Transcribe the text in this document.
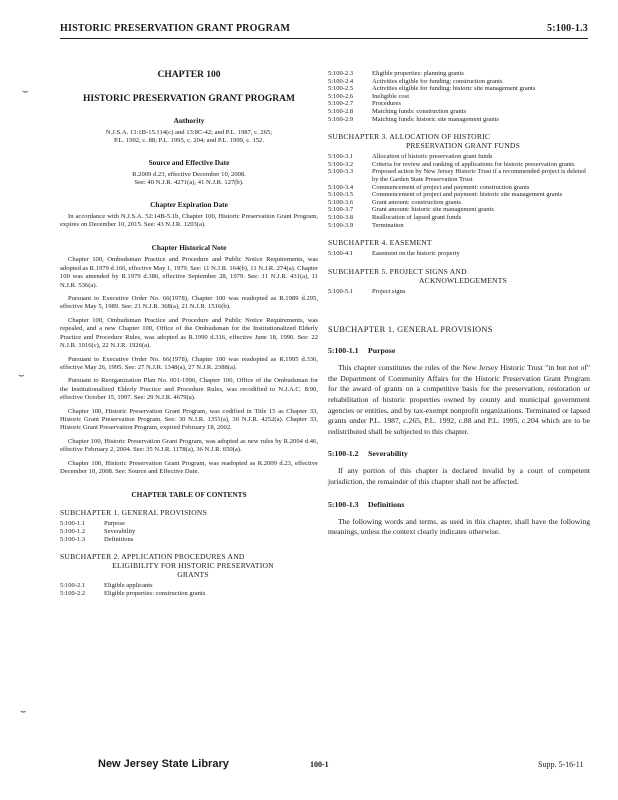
HISTORIC PRESERVATION GRANT PROGRAM	5:100-1.3
CHAPTER 100
HISTORIC PRESERVATION GRANT PROGRAM
Authority

N.J.S.A. 13:1B-15.114(c) and 13:8C-42; and P.L. 1987, c. 265;

P.L. 1992, c. 88; P.L. 1995, c. 204; and P.L. 1999, c. 152.

Source and Effective Date

R.2009 d.23, effective December 10, 2008.

See: 40 N.J.R. 4271(a), 41 N.J.R. 127(b).

Chapter Expiration Date

In accordance with N.J.S.A. 52:14B-5.1b, Chapter 100, Historic Preservation Grant Program, expires on December 10, 2015. See: 43 N.J.R. 1203(a).

Chapter Historical Note

Chapter 100, Ombudsman Practice and Procedure and Public Notice Requirements, was adopted as R.1979 d.166, effective May 1, 1979. See: 11 N.J.R. 164(b), 11 N.J.R. 274(a). Chapter 100 was amended by R.1979 d.386, effective September 28, 1979. See: 11 N.J.R. 431(a), 11 N.J.R. 536(a).

Pursuant to Executive Order No. 66(1978), Chapter 100 was readopted as R.1989 d.295, effective May 5, 1989. See: 21 N.J.R. 368(a), 21 N.J.R. 1516(b).

Chapter 100, Ombudsman Practice and Procedure and Public Notice Requirements, was repealed, and a new Chapter 100, Office of the Ombudsman for the Institutionalized Elderly Practice and Procedure Rules, was adopted as R.1990 d.316, effective June 18, 1990. See: 22 N.J.R. 1016(c), 22 N.J.R. 1926(a).

Pursuant to Executive Order No. 66(1978), Chapter 100 was readopted as R.1995 d.336, effective May 26, 1995. See: 27 N.J.R. 1348(a), 27 N.J.R. 2388(a).

Pursuant to Reorganization Plan No. 001-1996, Chapter 100, Office of the Ombudsman for the Institutionalized Elderly Practice and Procedure Rules, was recodified to N.J.A.C. 8:90, effective October 15, 1997. See: 29 N.J.R. 4679(a).

Chapter 100, Historic Preservation Grant Program, was codified in Title 15 as Chapter 33, Historic Grant Preservation Program. See: 30 N.J.R. 1351(a), 30 N.J.R. 4252(a). Chapter 33, Historic Grant Preservation Program, expired February 18, 2002.

Chapter 100, Historic Preservation Grant Program, was adopted as new rules by R.2004 d.46, effective February 2, 2004. See: 35 N.J.R. 1178(a), 36 N.J.R. 650(a).

Chapter 100, Historic Preservation Grant Program, was readopted as R.2009 d.23, effective December 10, 2008. See: Source and Effective Date.

CHAPTER TABLE OF CONTENTS
SUBCHAPTER 1. GENERAL PROVISIONS
5:100-1.1	Purpose
5:100-1.2	Severability
5:100-1.3	Definitions
SUBCHAPTER 2. APPLICATION PROCEDURES AND
ELIGIBILITY FOR HISTORIC PRESERVATION
GRANTS
5:100-2.1	Eligible applicants
5:100-2.2	Eligible properties: construction grants
5:100-2.3	Eligible properties: planning grants
5:100-2.4	Activities eligible for funding: construction grants
5:100-2.5	Activities eligible for funding: historic site management grants
5:100-2.6	Ineligible cost
5:100-2.7	Procedures
5:100-2.8	Matching funds: construction grants
5:100-2.9	Matching funds: historic site management grants
SUBCHAPTER 3. ALLOCATION OF HISTORIC
PRESERVATION GRANT FUNDS
5:100-3.1	Allocation of historic preservation grant funds
5:100-3.2	Criteria for review and ranking of applications for historic preservation grants
5:100-3.3	Proposed action by New Jersey Historic Trust if a recommended project is deleted by the Garden State Preservation Trust
5:100-3.4	Commencement of project and payment: construction grants
5:100-3.5	Commencement of project and payment: historic site management grants
5:100-3.6	Grant amount: construction grants
5:100-3.7	Grant amount: historic site management grants
5:100-3.8	Reallocation of lapsed grant funds
5:100-3.9	Termination
SUBCHAPTER 4. EASEMENT
5:100-4.1	Easement on the historic property
SUBCHAPTER 5. PROJECT SIGNS AND
ACKNOWLEDGEMENTS
5:100-5.1	Project signs
SUBCHAPTER 1. GENERAL PROVISIONS
5:100-1.1 Purpose

This chapter constitutes the rules of the New Jersey Historic Trust "in but not of" the Department of Community Affairs for the Historic Preservation Grant Program for the award of grants on a competitive basis for the preservation, restoration or rehabilitation of historic properties owned by county and municipal government agencies or entities, and by tax-exempt nonprofit organizations. Terminated or lapsed grants under P.L. 1987, c.265, P.L. 1992, c.88 and P.L. 1995, c.204 which are to be redistributed shall be subjected to this chapter.

5:100-1.2 Severability

If any portion of this chapter is declared invalid by a court of competent jurisdiction, the remainder of this chapter shall not be affected.

5:100-1.3 Definitions

The following words and terms, as used in this chapter, shall have the following meanings, unless the context clearly indicates otherwise.

⌣
⌣
⌣
New Jersey State Library	100-1	Supp. 5-16-11
